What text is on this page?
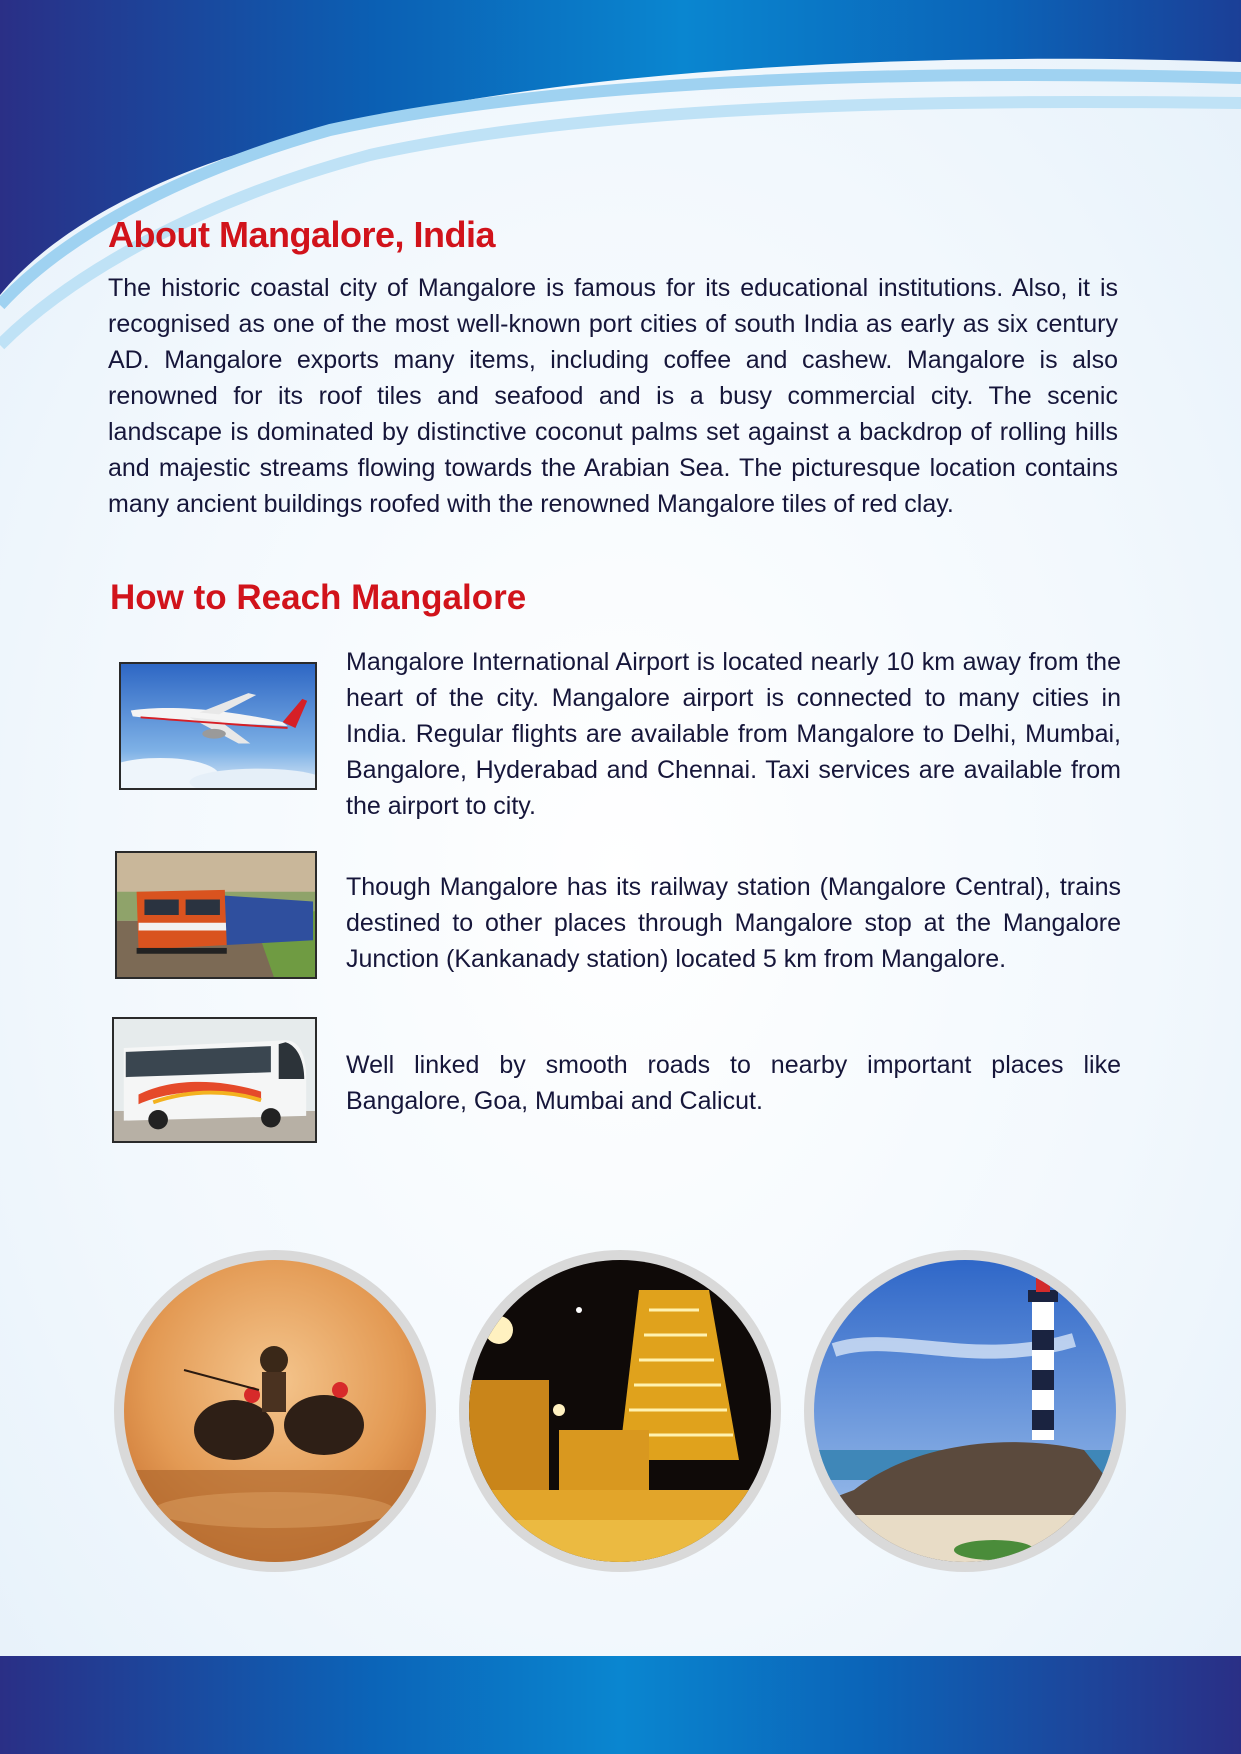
About Mangalore, India

The historic coastal city of Mangalore is famous for its educational institutions. Also, it is recognised as one of the most well-known port cities of south India as early as six century AD. Mangalore exports many items, including coffee and cashew. Mangalore is also renowned for its roof tiles and seafood and is a busy commercial city. The scenic landscape is dominated by distinctive coconut palms set against a backdrop of rolling hills and majestic streams flowing towards the Arabian Sea. The picturesque location contains many ancient buildings roofed with the renowned Mangalore tiles of red clay.

How to Reach Mangalore

Mangalore International Airport is located nearly 10 km away from the heart of the city. Mangalore airport is connected to many cities in India. Regular flights are available from Mangalore to Delhi, Mumbai, Bangalore, Hyderabad and Chennai. Taxi services are available from the airport to city.

Though Mangalore has its railway station (Mangalore Central), trains destined to other places through Mangalore stop at the Mangalore Junction (Kankanady station) located 5 km from Mangalore.

Well linked by smooth roads to nearby important places like Bangalore, Goa, Mumbai and Calicut.
